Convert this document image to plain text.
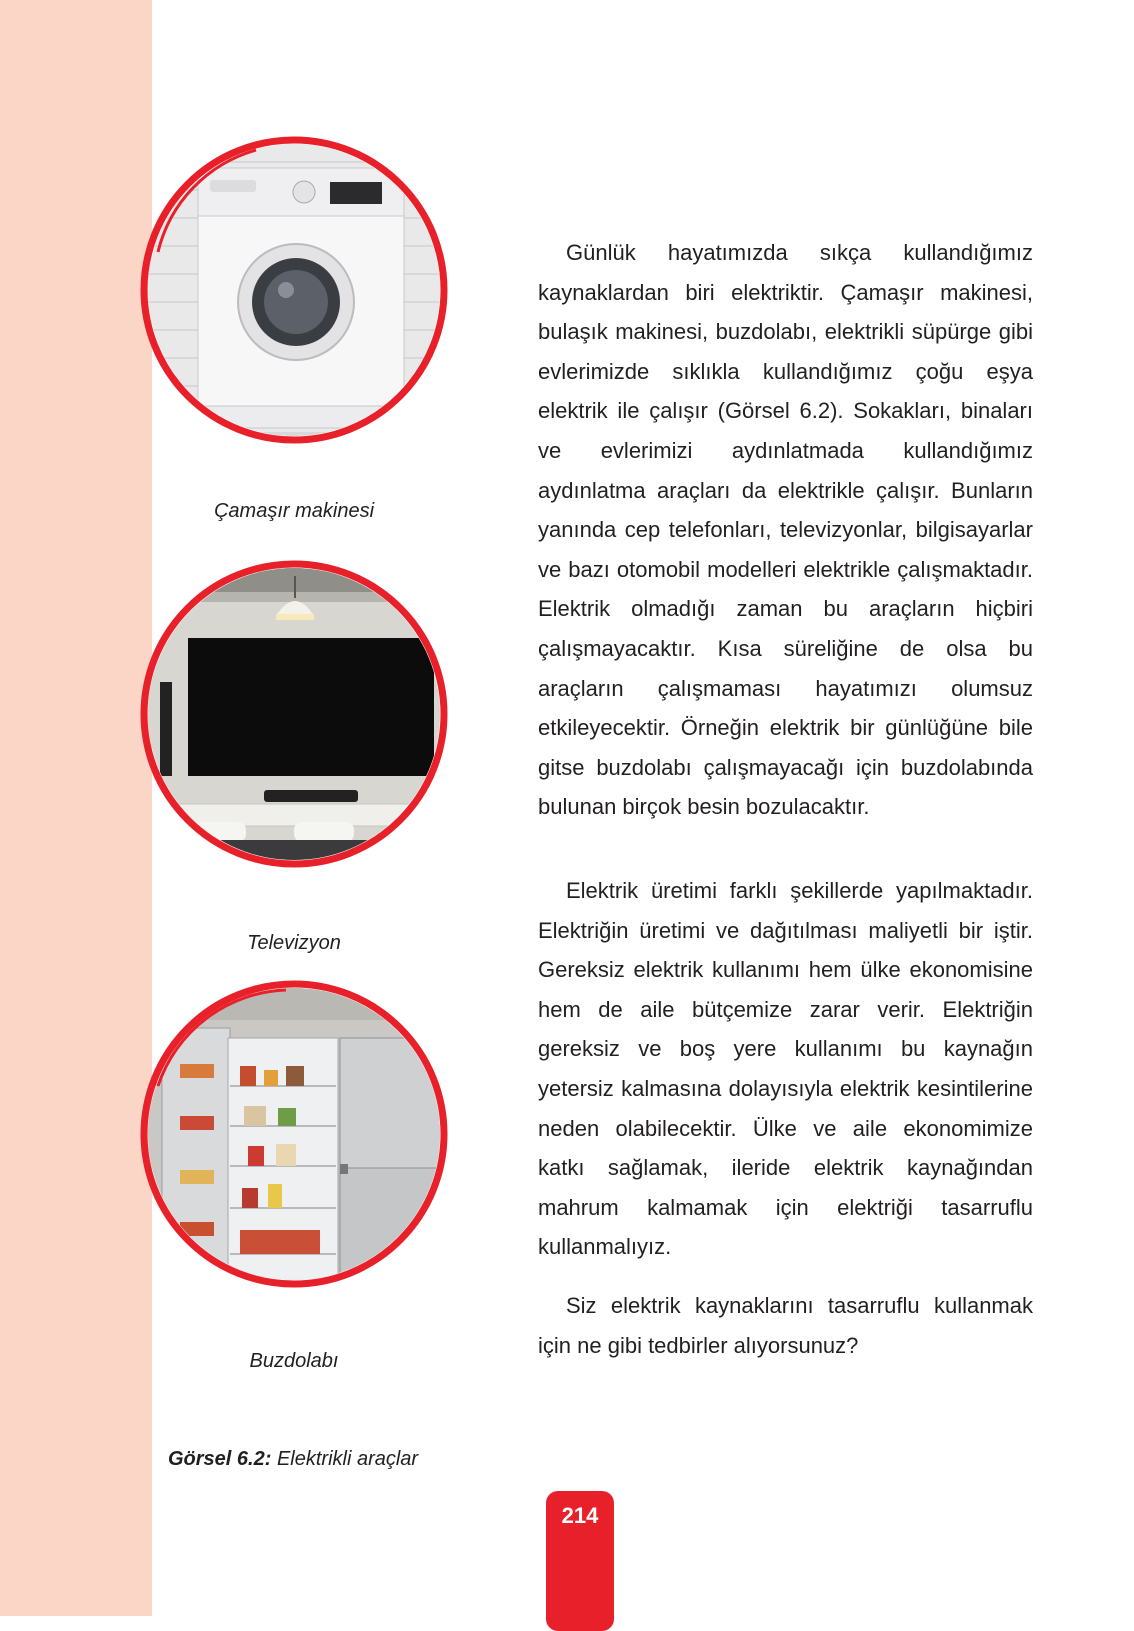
Çamaşır makinesi
Televizyon
Buzdolabı
Görsel 6.2: Elektrikli araçlar

Günlük hayatımızda sıkça kullandığımız kaynaklardan biri elektriktir. Çamaşır makinesi, bulaşık makinesi, buzdolabı, elektrikli süpürge gibi evlerimizde sıklıkla kullandığımız çoğu eşya elektrik ile çalışır (Görsel 6.2). Sokakları, binaları ve evlerimizi aydınlatmada kullandığımız aydınlatma araçları da elektrikle çalışır. Bunların yanında cep telefonları, televizyonlar, bilgisayarlar ve bazı otomobil modelleri elektrikle çalışmaktadır. Elektrik olmadığı zaman bu araçların hiçbiri çalışmayacaktır. Kısa süreliğine de olsa bu araçların çalışmaması hayatımızı olumsuz etkileyecektir. Örneğin elektrik bir günlüğüne bile gitse buzdolabı çalışmayacağı için buzdolabında bulunan birçok besin bozulacaktır.

Elektrik üretimi farklı şekillerde yapılmaktadır. Elektriğin üretimi ve dağıtılması maliyetli bir iştir. Gereksiz elektrik kullanımı hem ülke ekonomisine hem de aile bütçemize zarar verir. Elektriğin gereksiz ve boş yere kullanımı bu kaynağın yetersiz kalmasına dolayısıyla elektrik kesintilerine neden olabilecektir. Ülke ve aile ekonomimize katkı sağlamak, ileride elektrik kaynağından mahrum kalmamak için elektriği tasarruflu kullanmalıyız.

Siz elektrik kaynaklarını tasarruflu kullanmak için ne gibi tedbirler alıyorsunuz?

214
